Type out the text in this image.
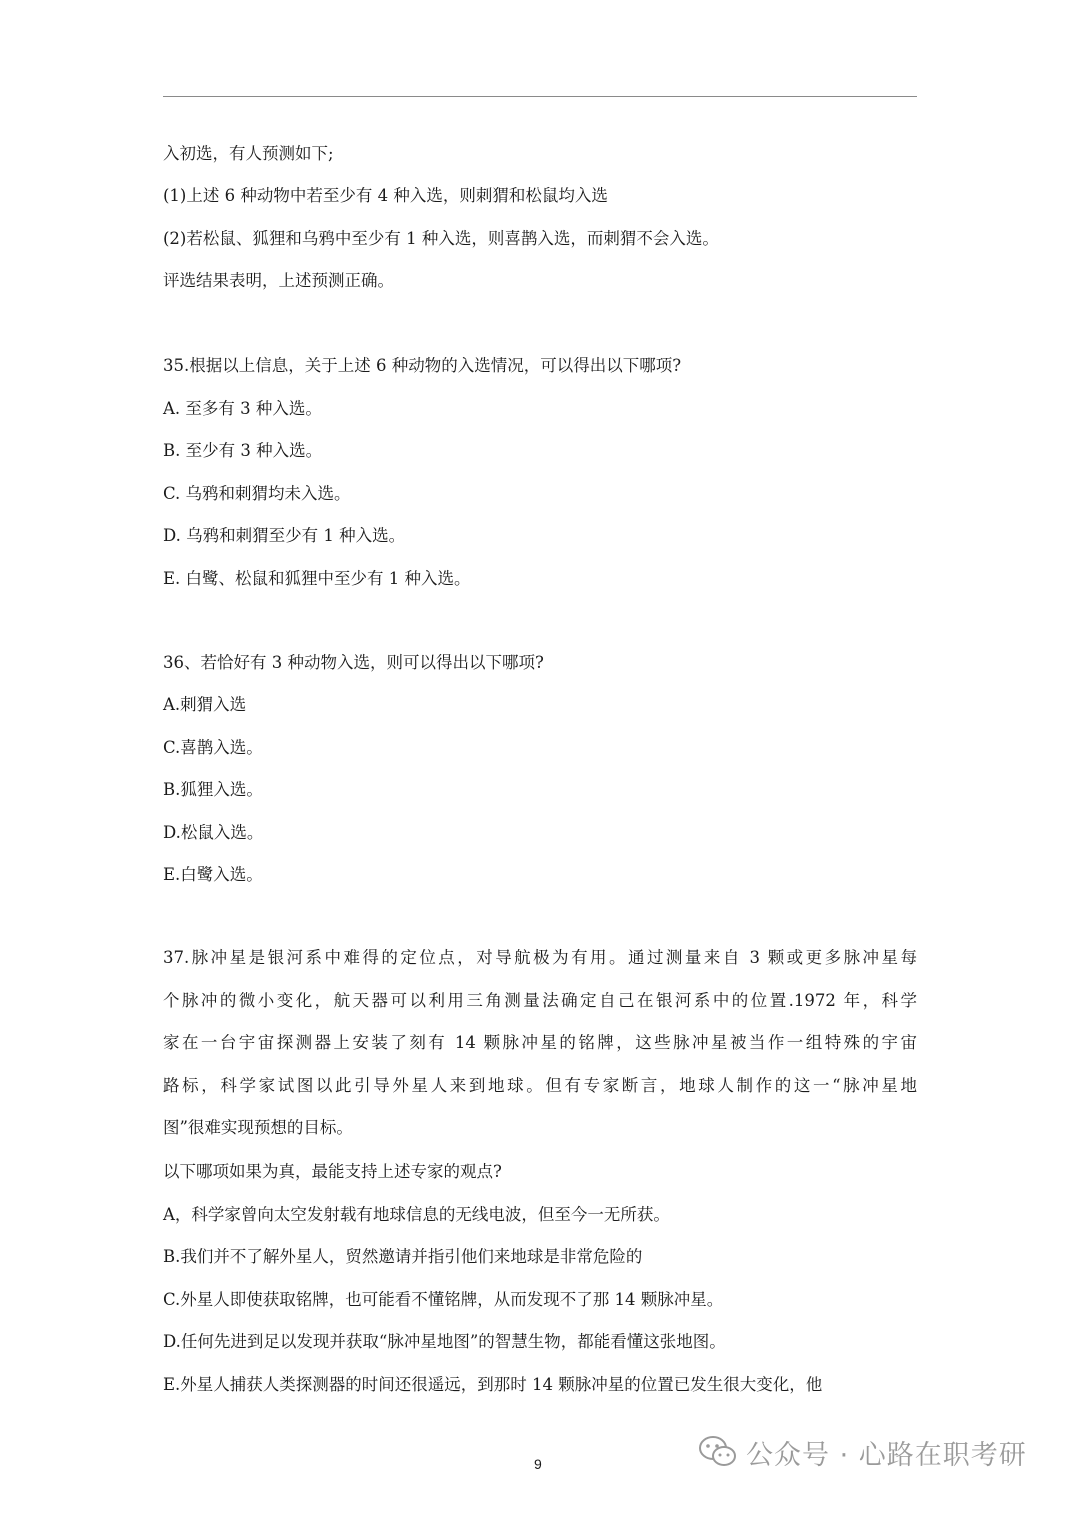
入初选，有人预测如下;
(1)上述 6 种动物中若至少有 4 种入选，则刺猬和松鼠均入选
(2)若松鼠、狐狸和乌鸦中至少有 1 种入选，则喜鹊入选，而刺猬不会入选。
评选结果表明，上述预测正确。
35.根据以上信息，关于上述 6 种动物的入选情况，可以得出以下哪项?
A. 至多有 3 种入选。
B. 至少有 3 种入选。
C. 乌鸦和刺猬均未入选。
D. 乌鸦和刺猬至少有 1 种入选。
E. 白鹭、松鼠和狐狸中至少有 1 种入选。
36、若恰好有 3 种动物入选，则可以得出以下哪项?
A.刺猬入选
C.喜鹊入选。
B.狐狸入选。
D.松鼠入选。
E.白鹭入选。
37.脉冲星是银河系中难得的定位点，对导航极为有用。通过测量来自 3 颗或更多脉冲星每
个脉冲的微小变化，航天器可以利用三角测量法确定自己在银河系中的位置.1972 年，科学
家在一台宇宙探测器上安装了刻有 14 颗脉冲星的铭牌，这些脉冲星被当作一组特殊的宇宙
路标，科学家试图以此引导外星人来到地球。但有专家断言，地球人制作的这一“脉冲星地
图”很难实现预想的目标。
以下哪项如果为真，最能支持上述专家的观点?
A，科学家曾向太空发射载有地球信息的无线电波，但至今一无所获。
B.我们并不了解外星人，贸然邀请并指引他们来地球是非常危险的
C.外星人即使获取铭牌，也可能看不懂铭牌，从而发现不了那 14 颗脉冲星。
D.任何先进到足以发现并获取“脉冲星地图”的智慧生物，都能看懂这张地图。
E.外星人捕获人类探测器的时间还很遥远，到那时 14 颗脉冲星的位置已发生很大变化，他
9	公众号 · 心路在职考研
